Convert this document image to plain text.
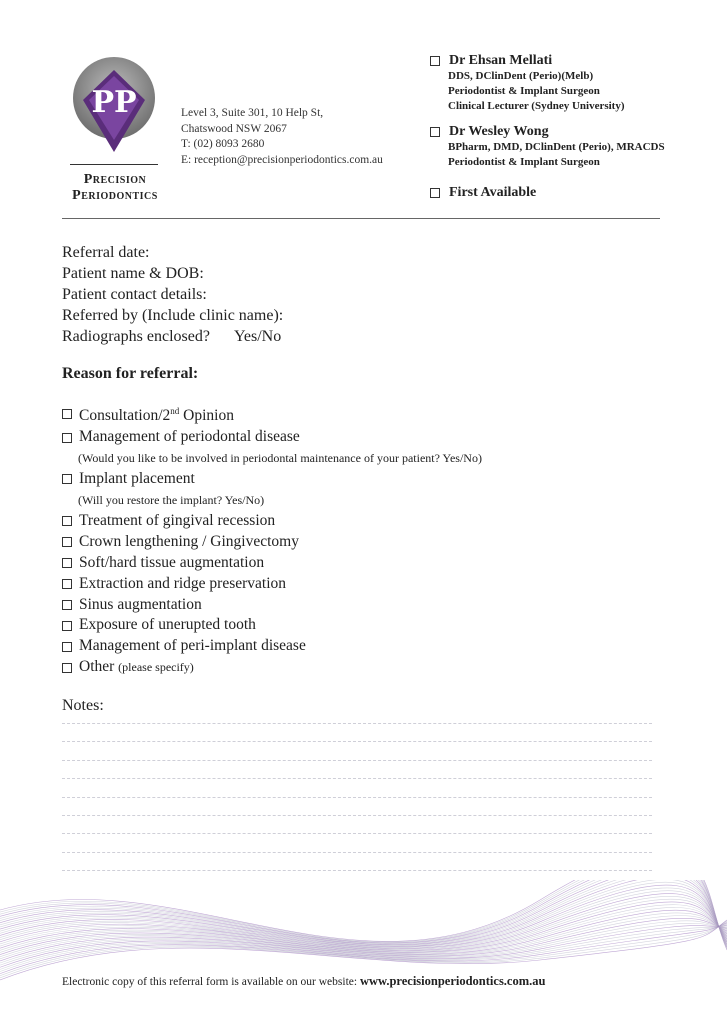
PP
Precision
Periodontics
Level 3, Suite 301, 10 Help St,
Chatswood NSW 2067
T: (02) 8093 2680
E: reception@precisionperiodontics.com.au
Dr Ehsan Mellati
DDS, DClinDent (Perio)(Melb)
Periodontist & Implant Surgeon
Clinical Lecturer (Sydney University)
Dr Wesley Wong
BPharm, DMD, DClinDent (Perio), MRACDS
Periodontist & Implant Surgeon
First Available
Referral date:
Patient name & DOB:
Patient contact details:
Referred by (Include clinic name):
Radiographs enclosed? Yes/No
Reason for referral:
Consultation/2nd Opinion
Management of periodontal disease
(Would you like to be involved in periodontal maintenance of your patient? Yes/No)
Implant placement
(Will you restore the implant? Yes/No)
Treatment of gingival recession
Crown lengthening / Gingivectomy
Soft/hard tissue augmentation
Extraction and ridge preservation
Sinus augmentation
Exposure of unerupted tooth
Management of peri-implant disease
Other
(please specify)
Notes:
Electronic copy of this referral form is available on our website: www.precisionperiodontics.com.au
